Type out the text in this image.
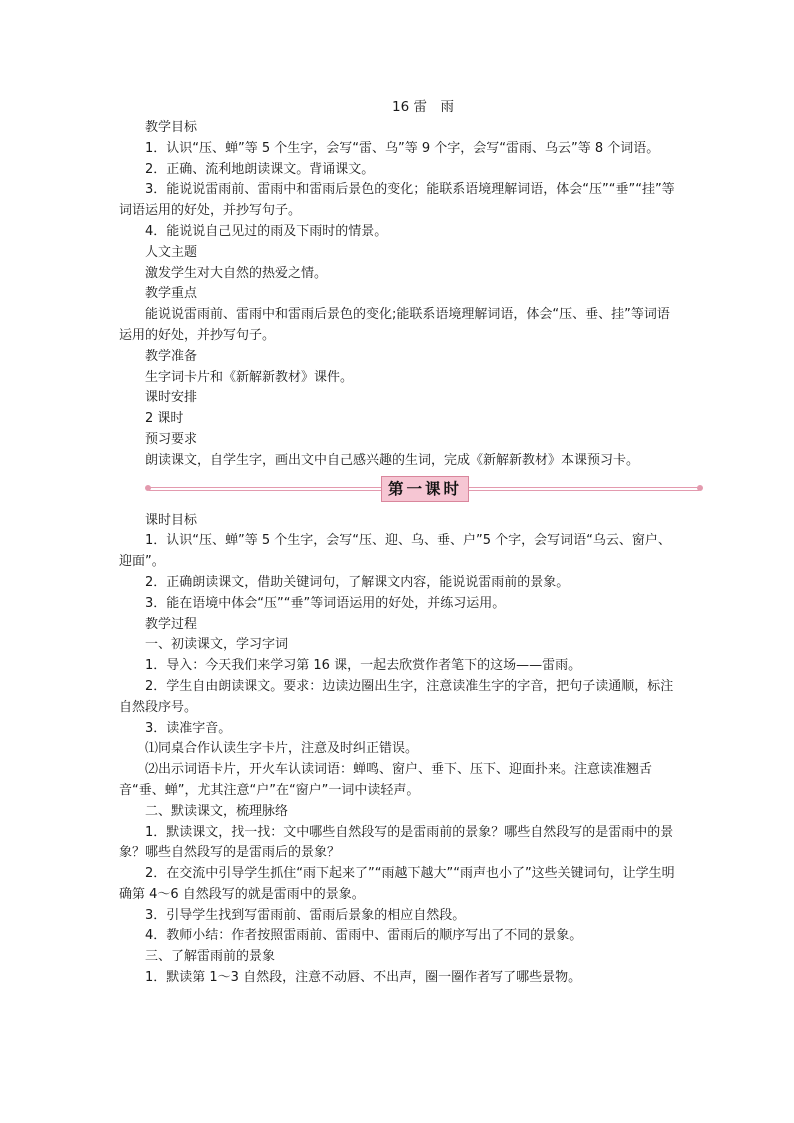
16 雷　雨
教学目标
1．认识“压、蝉”等 5 个生字，会写“雷、乌”等 9 个字，会写“雷雨、乌云”等 8 个词语。
2．正确、流利地朗读课文。背诵课文。
3．能说说雷雨前、雷雨中和雷雨后景色的变化；能联系语境理解词语，体会“压”“垂”“挂”等词语运用的好处，并抄写句子。
4．能说说自己见过的雨及下雨时的情景。
人文主题
激发学生对大自然的热爱之情。
教学重点
能说说雷雨前、雷雨中和雷雨后景色的变化;能联系语境理解词语，体会“压、垂、挂”等词语运用的好处，并抄写句子。
教学准备
生字词卡片和《新解新教材》课件。
课时安排
2 课时
预习要求
朗读课文，自学生字，画出文中自己感兴趣的生词，完成《新解新教材》本课预习卡。
第一课时
课时目标
1．认识“压、蝉”等 5 个生字，会写“压、迎、乌、垂、户”5 个字，会写词语“乌云、窗户、迎面”。
2．正确朗读课文，借助关键词句，了解课文内容，能说说雷雨前的景象。
3．能在语境中体会“压”“垂”等词语运用的好处，并练习运用。
教学过程
一、初读课文，学习字词
1．导入：今天我们来学习第 16 课，一起去欣赏作者笔下的这场——雷雨。
2．学生自由朗读课文。要求：边读边圈出生字，注意读准生字的字音，把句子读通顺，标注自然段序号。
3．读准字音。
⑴同桌合作认读生字卡片，注意及时纠正错误。
⑵出示词语卡片，开火车认读词语：蝉鸣、窗户、垂下、压下、迎面扑来。注意读准翘舌音“垂、蝉”，尤其注意“户”在“窗户”一词中读轻声。
二、默读课文，梳理脉络
1．默读课文，找一找：文中哪些自然段写的是雷雨前的景象？哪些自然段写的是雷雨中的景象？哪些自然段写的是雷雨后的景象？
2．在交流中引导学生抓住“雨下起来了”“雨越下越大”“雨声也小了”这些关键词句，让学生明确第 4～6 自然段写的就是雷雨中的景象。
3．引导学生找到写雷雨前、雷雨后景象的相应自然段。
4．教师小结：作者按照雷雨前、雷雨中、雷雨后的顺序写出了不同的景象。
三、了解雷雨前的景象
1．默读第 1～3 自然段，注意不动唇、不出声，圈一圈作者写了哪些景物。
